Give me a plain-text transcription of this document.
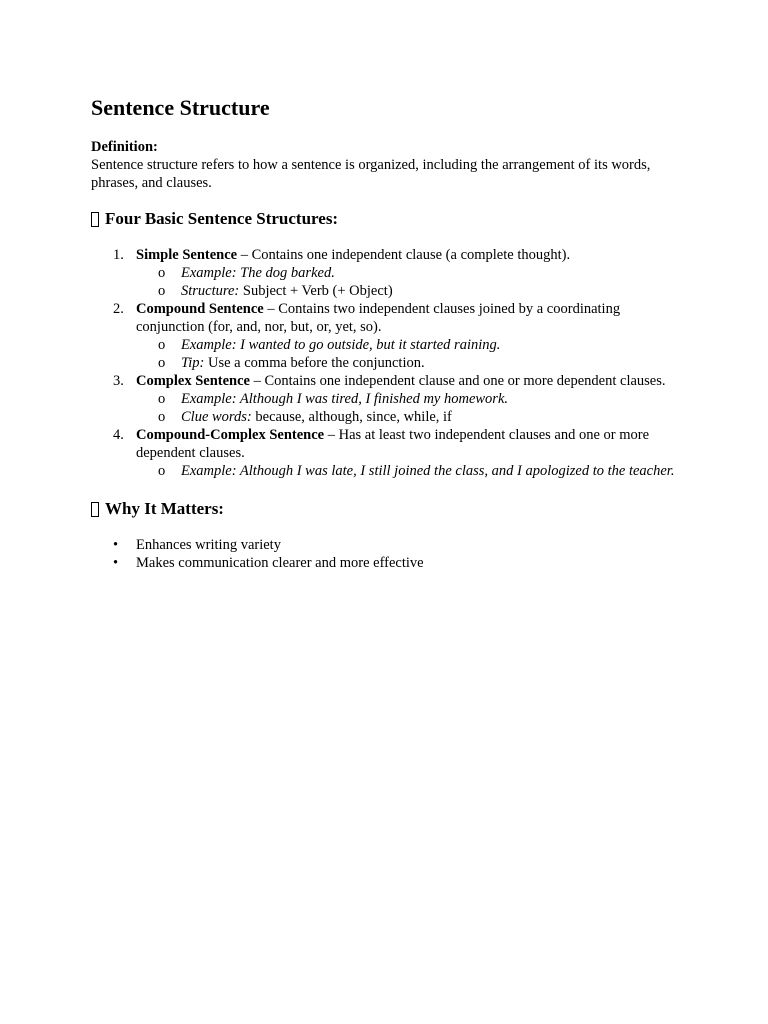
Sentence Structure
Definition:

Sentence structure refers to how a sentence is organized, including the arrangement of its words, phrases, and clauses.

Four Basic Sentence Structures:
1. Simple Sentence – Contains one independent clause (a complete thought).
o Example: The dog barked.
o Structure: Subject + Verb (+ Object)
2. Compound Sentence – Contains two independent clauses joined by a coordinating conjunction (for, and, nor, but, or, yet, so).
o Example: I wanted to go outside, but it started raining.
o Tip: Use a comma before the conjunction.
3. Complex Sentence – Contains one independent clause and one or more dependent clauses.
o Example: Although I was tired, I finished my homework.
o Clue words: because, although, since, while, if
4. Compound-Complex Sentence – Has at least two independent clauses and one or more dependent clauses.
o Example: Although I was late, I still joined the class, and I apologized to the teacher.
Why It Matters:
• Enhances writing variety
• Makes communication clearer and more effective
